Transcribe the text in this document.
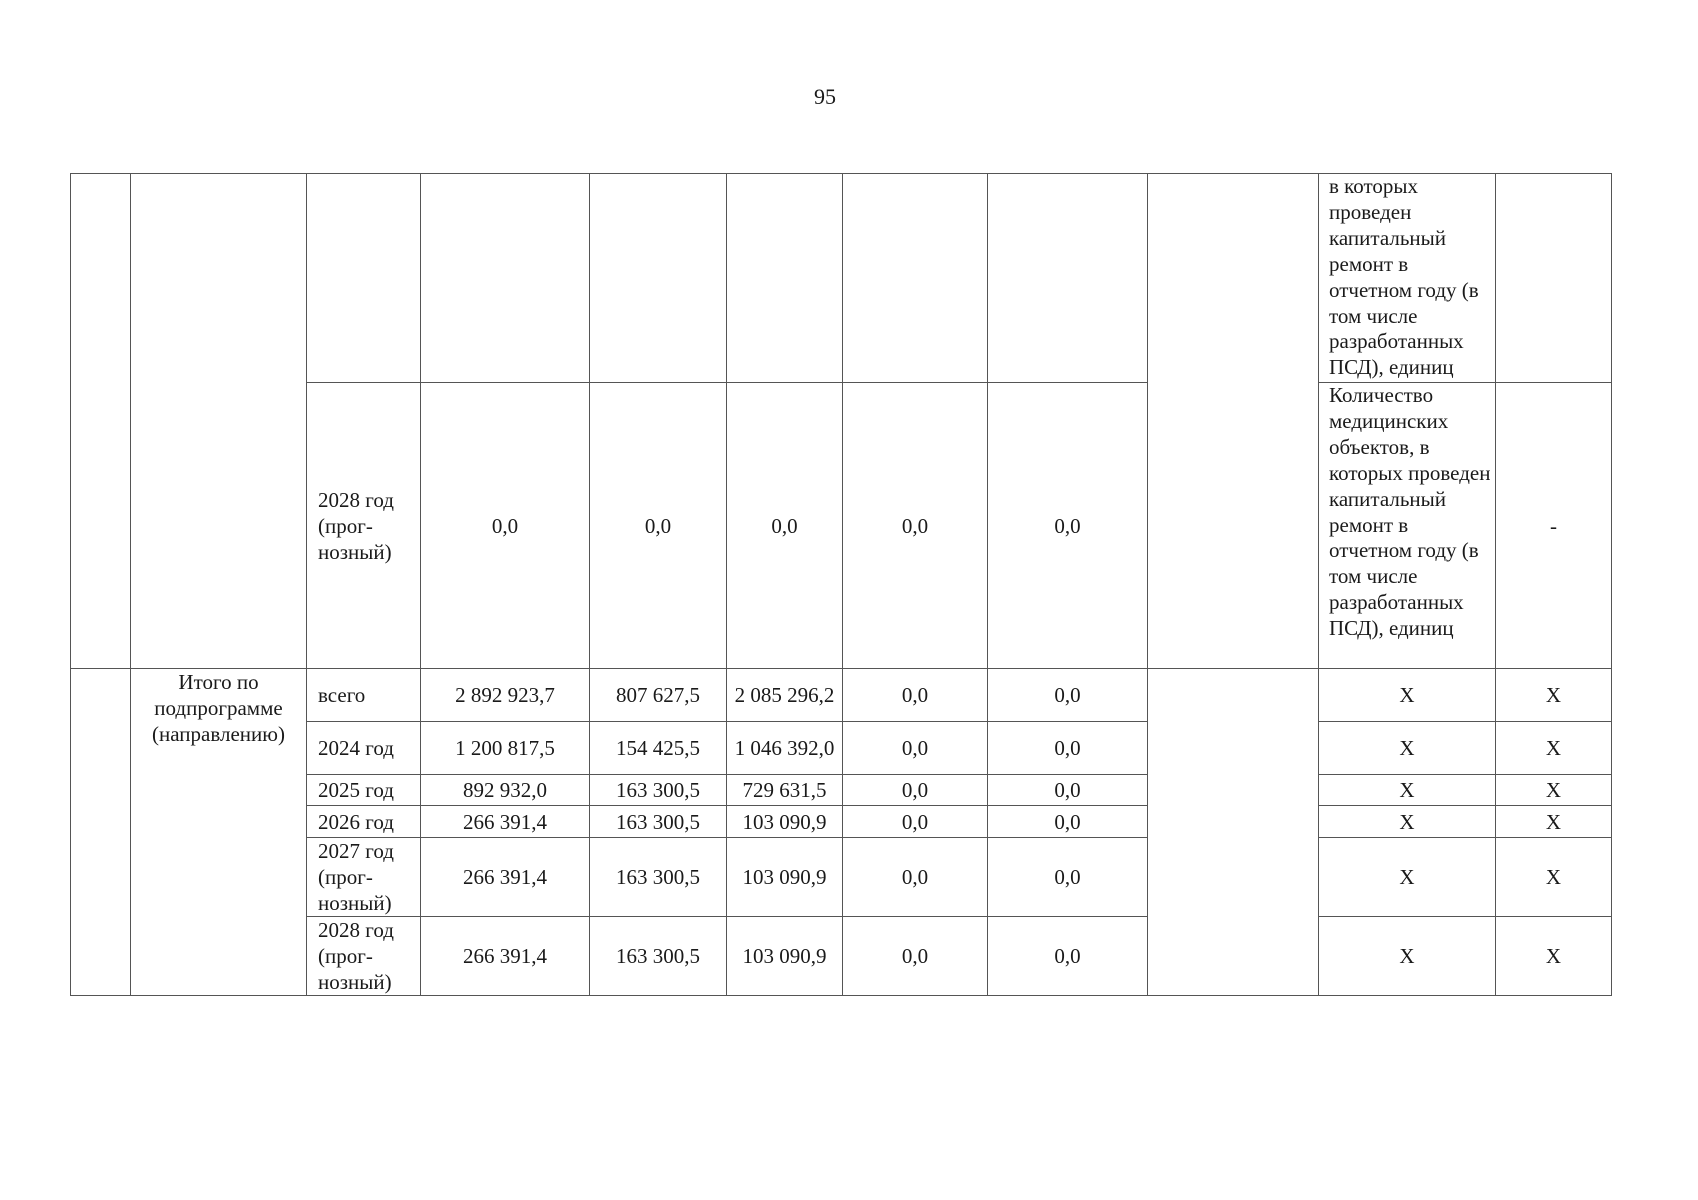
95

									в которых проведен капитальный ремонт в отчетном году (в том числе разработанных ПСД), единиц	

		2028 год (прог-нозный)	0,0	0,0	0,0	0,0	0,0		Количество медицинских объектов, в которых проведен капитальный ремонт в отчетном году (в том числе разработанных ПСД), единиц	-
	Итого по подпрограмме (направлению)	всего	2 892 923,7	807 627,5	2 085 296,2	0,0	0,0		Х	Х
		2024 год	1 200 817,5	154 425,5	1 046 392,0	0,0	0,0		Х	Х
		2025 год	892 932,0	163 300,5	729 631,5	0,0	0,0		Х	Х
		2026 год	266 391,4	163 300,5	103 090,9	0,0	0,0		Х	Х
		2027 год (прог-нозный)	266 391,4	163 300,5	103 090,9	0,0	0,0		Х	Х
		2028 год (прог-нозный)	266 391,4	163 300,5	103 090,9	0,0	0,0		Х	Х
